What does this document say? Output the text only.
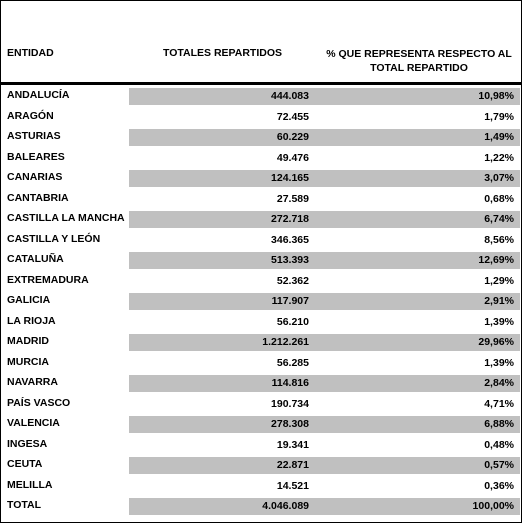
ENTIDAD	TOTALES REPARTIDOS	% QUE REPRESENTA RESPECTO AL
TOTAL REPARTIDO
ANDALUCÍA	444.083	10,98%
ARAGÓN	72.455	1,79%
ASTURIAS	60.229	1,49%
BALEARES	49.476	1,22%
CANARIAS	124.165	3,07%
CANTABRIA	27.589	0,68%
CASTILLA LA MANCHA	272.718	6,74%
CASTILLA Y LEÓN	346.365	8,56%
CATALUÑA	513.393	12,69%
EXTREMADURA	52.362	1,29%
GALICIA	117.907	2,91%
LA RIOJA	56.210	1,39%
MADRID	1.212.261	29,96%
MURCIA	56.285	1,39%
NAVARRA	114.816	2,84%
PAÍS VASCO	190.734	4,71%
VALENCIA	278.308	6,88%
INGESA	19.341	0,48%
CEUTA	22.871	0,57%
MELILLA	14.521	0,36%
TOTAL	4.046.089	100,00%
